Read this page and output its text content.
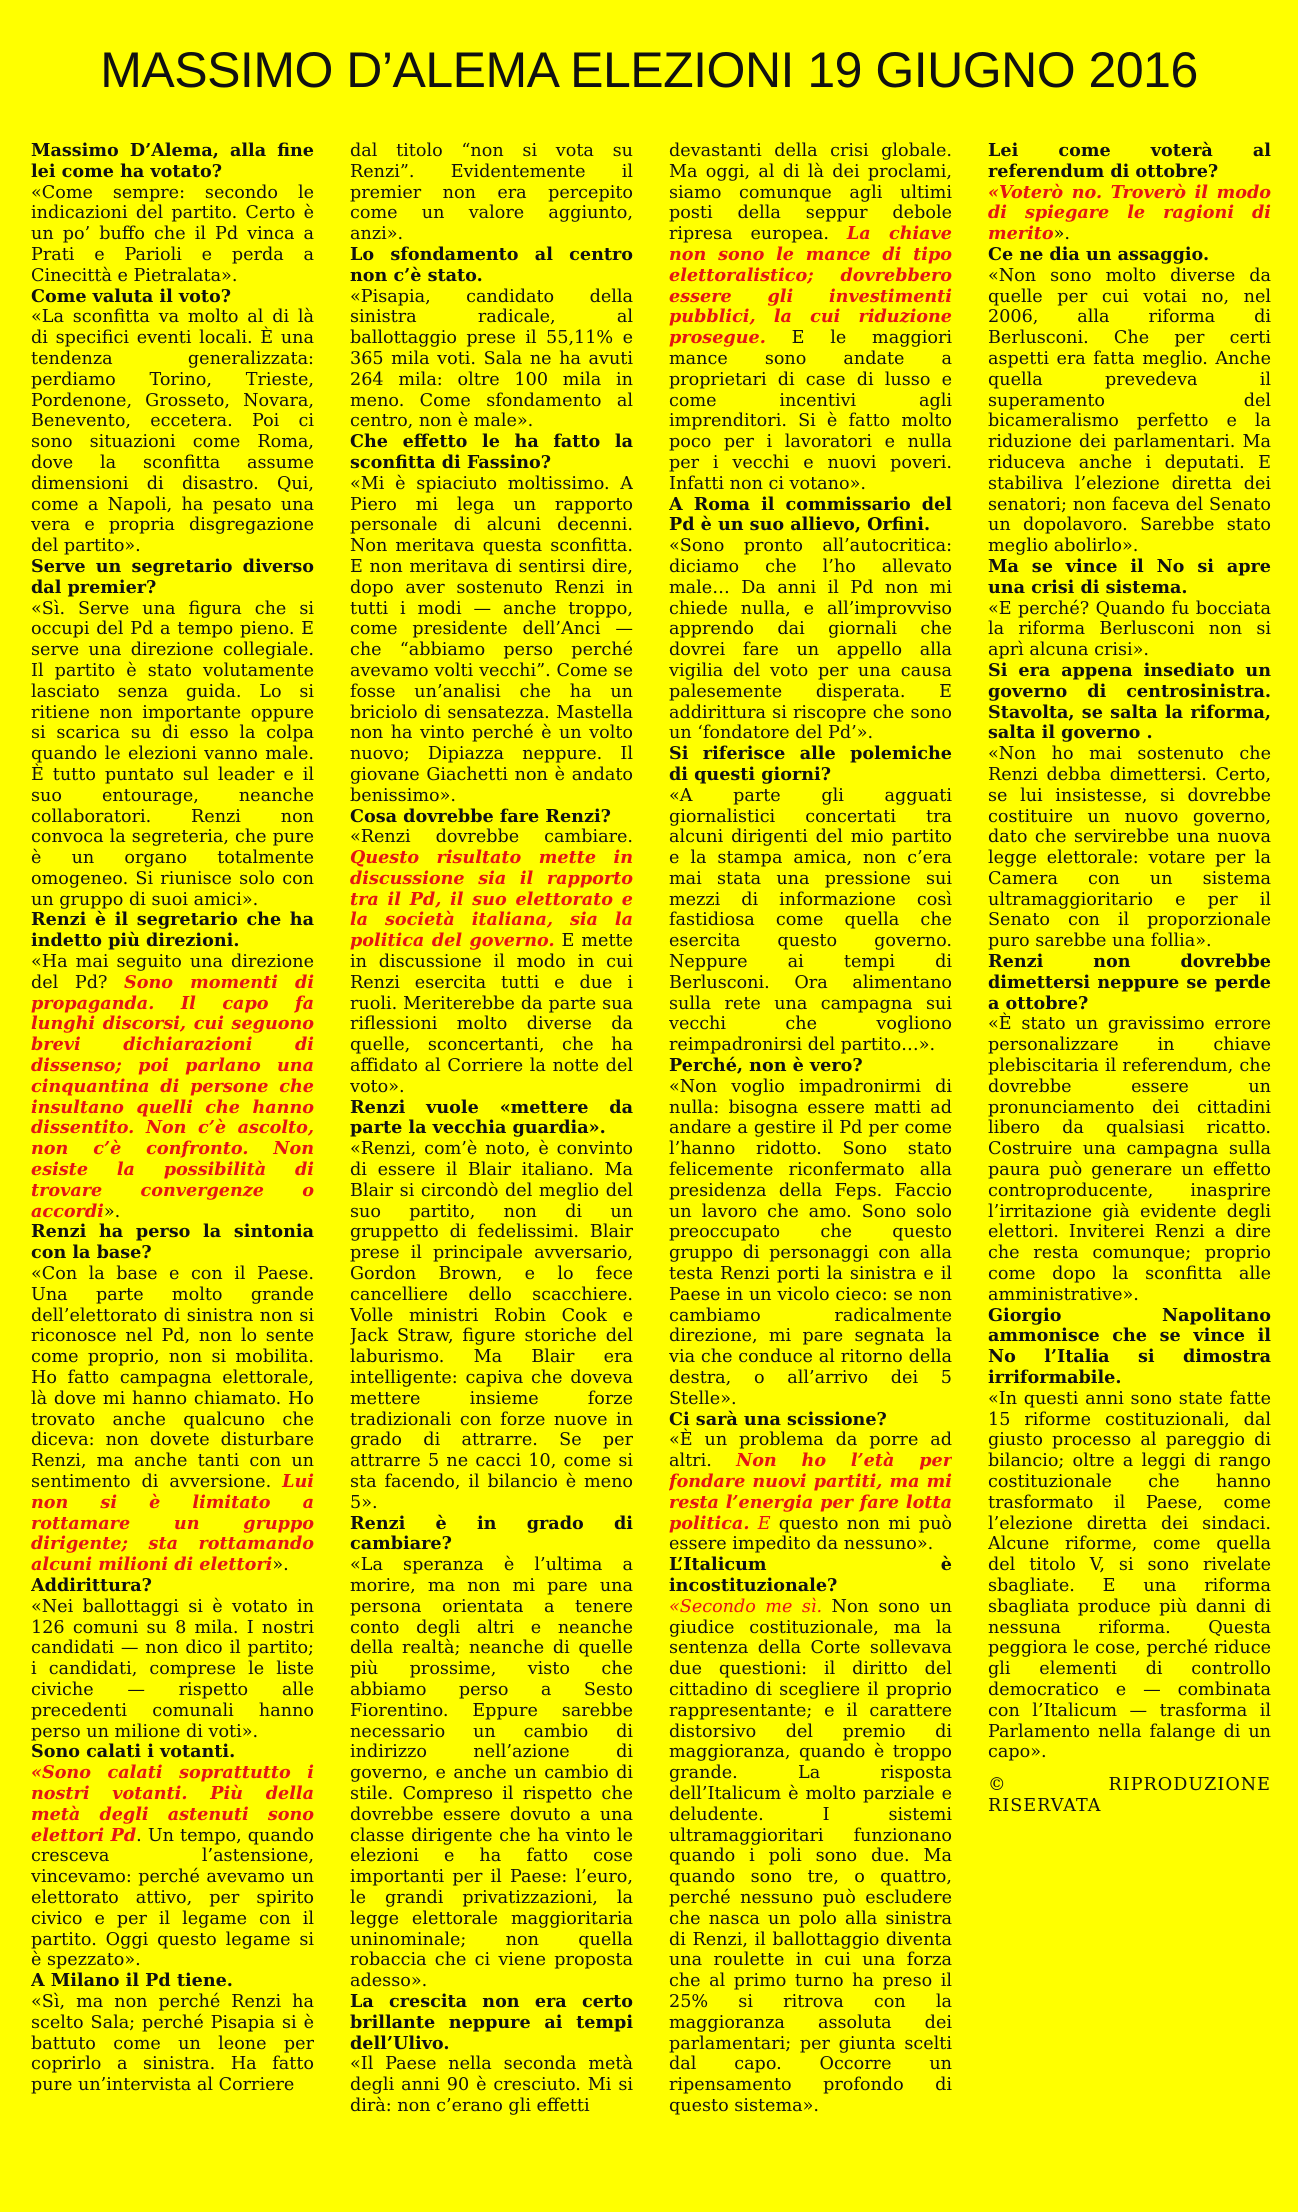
MASSIMO D’ALEMA ELEZIONI 19 GIUGNO 2016

Massimo D’Alema, alla fine lei come ha votato?

«Come sempre: secondo le indicazioni del partito. Certo è un po’ buffo che il Pd vinca a Prati e Parioli e perda a Cinecittà e Pietralata».

Come valuta il voto?

«La sconfitta va molto al di là di specifici eventi locali. È una tendenza generalizzata: perdiamo Torino, Trieste, Pordenone, Grosseto, Novara, Benevento, eccetera. Poi ci sono situazioni come Roma, dove la sconfitta assume dimensioni di disastro. Qui, come a Napoli, ha pesato una vera e propria disgregazione del partito».

Serve un segretario diverso dal premier?

«Sì. Serve una figura che si occupi del Pd a tempo pieno. E serve una direzione collegiale. Il partito è stato volutamente lasciato senza guida. Lo si ritiene non importante oppure si scarica su di esso la colpa quando le elezioni vanno male. È tutto puntato sul leader e il suo entourage, neanche collaboratori. Renzi non convoca la segreteria, che pure è un organo totalmente omogeneo. Si riunisce solo con un gruppo di suoi amici».

Renzi è il segretario che ha indetto più direzioni.

«Ha mai seguito una direzione del Pd? Sono momenti di propaganda. Il capo fa lunghi discorsi, cui seguono brevi dichiarazioni di dissenso; poi parlano una cinquantina di persone che insultano quelli che hanno dissentito. Non c’è ascolto, non c’è confronto. Non esiste la possibilità di trovare convergenze o accordi».

Renzi ha perso la sintonia con la base?

«Con la base e con il Paese. Una parte molto grande dell’elettorato di sinistra non si riconosce nel Pd, non lo sente come proprio, non si mobilita. Ho fatto campagna elettorale, là dove mi hanno chiamato. Ho trovato anche qualcuno che diceva: non dovete disturbare Renzi, ma anche tanti con un sentimento di avversione. Lui non si è limitato a rottamare un gruppo dirigente; sta rottamando alcuni milioni di elettori».

Addirittura?

«Nei ballottaggi si è votato in 126 comuni su 8 mila. I nostri candidati — non dico il partito; i candidati, comprese le liste civiche — rispetto alle precedenti comunali hanno perso un milione di voti».

Sono calati i votanti.

«Sono calati soprattutto i nostri votanti. Più della metà degli astenuti sono elettori Pd. Un tempo, quando cresceva l’astensione, vincevamo: perché avevamo un elettorato attivo, per spirito civico e per il legame con il partito. Oggi questo legame si è spezzato».

A Milano il Pd tiene.

«Sì, ma non perché Renzi ha scelto Sala; perché Pisapia si è battuto come un leone per coprirlo a sinistra. Ha fatto pure un’intervista al Corriere

dal titolo “non si vota su Renzi”. Evidentemente il premier non era percepito come un valore aggiunto, anzi».

Lo sfondamento al centro non c’è stato.

«Pisapia, candidato della sinistra radicale, al ballottaggio prese il 55,11% e 365 mila voti. Sala ne ha avuti 264 mila: oltre 100 mila in meno. Come sfondamento al centro, non è male».

Che effetto le ha fatto la sconfitta di Fassino?

«Mi è spiaciuto moltissimo. A Piero mi lega un rapporto personale di alcuni decenni. Non meritava questa sconfitta. E non meritava di sentirsi dire, dopo aver sostenuto Renzi in tutti i modi — anche troppo, come presidente dell’Anci — che “abbiamo perso perché avevamo volti vecchi”. Come se fosse un’analisi che ha un briciolo di sensatezza. Mastella non ha vinto perché è un volto nuovo; Dipiazza neppure. Il giovane Giachetti non è andato benissimo».

Cosa dovrebbe fare Renzi?

«Renzi dovrebbe cambiare. Questo risultato mette in discussione sia il rapporto tra il Pd, il suo elettorato e la società italiana, sia la politica del governo. E mette in discussione il modo in cui Renzi esercita tutti e due i ruoli. Meriterebbe da parte sua riflessioni molto diverse da quelle, sconcertanti, che ha affidato al Corriere la notte del voto».

Renzi vuole «mettere da parte la vecchia guardia».

«Renzi, com’è noto, è convinto di essere il Blair italiano. Ma Blair si circondò del meglio del suo partito, non di un gruppetto di fedelissimi. Blair prese il principale avversario, Gordon Brown, e lo fece cancelliere dello scacchiere. Volle ministri Robin Cook e Jack Straw, figure storiche del laburismo. Ma Blair era intelligente: capiva che doveva mettere insieme forze tradizionali con forze nuove in grado di attrarre. Se per attrarre 5 ne cacci 10, come si sta facendo, il bilancio è meno 5».

Renzi è in grado di cambiare?

«La speranza è l’ultima a morire, ma non mi pare una persona orientata a tenere conto degli altri e neanche della realtà; neanche di quelle più prossime, visto che abbiamo perso a Sesto Fiorentino. Eppure sarebbe necessario un cambio di indirizzo nell’azione di governo, e anche un cambio di stile. Compreso il rispetto che dovrebbe essere dovuto a una classe dirigente che ha vinto le elezioni e ha fatto cose importanti per il Paese: l’euro, le grandi privatizzazioni, la legge elettorale maggioritaria uninominale; non quella robaccia che ci viene proposta adesso».

La crescita non era certo brillante neppure ai tempi dell’Ulivo.

«Il Paese nella seconda metà degli anni 90 è cresciuto. Mi si dirà: non c’erano gli effetti

devastanti della crisi globale. Ma oggi, al di là dei proclami, siamo comunque agli ultimi posti della seppur debole ripresa europea. La chiave non sono le mance di tipo elettoralistico; dovrebbero essere gli investimenti pubblici, la cui riduzione prosegue. E le maggiori mance sono andate a proprietari di case di lusso e come incentivi agli imprenditori. Si è fatto molto poco per i lavoratori e nulla per i vecchi e nuovi poveri. Infatti non ci votano».

A Roma il commissario del Pd è un suo allievo, Orfini.

«Sono pronto all’autocritica: diciamo che l’ho allevato male… Da anni il Pd non mi chiede nulla, e all’improvviso apprendo dai giornali che dovrei fare un appello alla vigilia del voto per una causa palesemente disperata. E addirittura si riscopre che sono un ‘fondatore del Pd’».

Si riferisce alle polemiche di questi giorni?

«A parte gli agguati giornalistici concertati tra alcuni dirigenti del mio partito e la stampa amica, non c’era mai stata una pressione sui mezzi di informazione così fastidiosa come quella che esercita questo governo. Neppure ai tempi di Berlusconi. Ora alimentano sulla rete una campagna sui vecchi che vogliono reimpadronirsi del partito…».

Perché, non è vero?

«Non voglio impadronirmi di nulla: bisogna essere matti ad andare a gestire il Pd per come l’hanno ridotto. Sono stato felicemente riconfermato alla presidenza della Feps. Faccio un lavoro che amo. Sono solo preoccupato che questo gruppo di personaggi con alla testa Renzi porti la sinistra e il Paese in un vicolo cieco: se non cambiamo radicalmente direzione, mi pare segnata la via che conduce al ritorno della destra, o all’arrivo dei 5 Stelle».

Ci sarà una scissione?

«È un problema da porre ad altri. Non ho l’età per fondare nuovi partiti, ma mi resta l’energia per fare lotta politica. E questo non mi può essere impedito da nessuno».

L’Italicum è incostituzionale?

«Secondo me sì. Non sono un giudice costituzionale, ma la sentenza della Corte sollevava due questioni: il diritto del cittadino di scegliere il proprio rappresentante; e il carattere distorsivo del premio di maggioranza, quando è troppo grande. La risposta dell’Italicum è molto parziale e deludente. I sistemi ultramaggioritari funzionano quando i poli sono due. Ma quando sono tre, o quattro, perché nessuno può escludere che nasca un polo alla sinistra di Renzi, il ballottaggio diventa una roulette in cui una forza che al primo turno ha preso il 25% si ritrova con la maggioranza assoluta dei parlamentari; per giunta scelti dal capo. Occorre un ripensamento profondo di questo sistema».

Lei come voterà al referendum di ottobre?

«Voterò no. Troverò il modo di spiegare le ragioni di merito».

Ce ne dia un assaggio.

«Non sono molto diverse da quelle per cui votai no, nel 2006, alla riforma di Berlusconi. Che per certi aspetti era fatta meglio. Anche quella prevedeva il superamento del bicameralismo perfetto e la riduzione dei parlamentari. Ma riduceva anche i deputati. E stabiliva l’elezione diretta dei senatori; non faceva del Senato un dopolavoro. Sarebbe stato meglio abolirlo».

Ma se vince il No si apre una crisi di sistema.

«E perché? Quando fu bocciata la riforma Berlusconi non si aprì alcuna crisi».

Si era appena insediato un governo di centrosinistra. Stavolta, se salta la riforma, salta il governo .

«Non ho mai sostenuto che Renzi debba dimettersi. Certo, se lui insistesse, si dovrebbe costituire un nuovo governo, dato che servirebbe una nuova legge elettorale: votare per la Camera con un sistema ultramaggioritario e per il Senato con il proporzionale puro sarebbe una follia».

Renzi non dovrebbe dimettersi neppure se perde a ottobre?

«È stato un gravissimo errore personalizzare in chiave plebiscitaria il referendum, che dovrebbe essere un pronunciamento dei cittadini libero da qualsiasi ricatto. Costruire una campagna sulla paura può generare un effetto controproducente, inasprire l’irritazione già evidente degli elettori. Inviterei Renzi a dire che resta comunque; proprio come dopo la sconfitta alle amministrative».

Giorgio Napolitano ammonisce che se vince il No l’Italia si dimostra irriformabile.

«In questi anni sono state fatte 15 riforme costituzionali, dal giusto processo al pareggio di bilancio; oltre a leggi di rango costituzionale che hanno trasformato il Paese, come l’elezione diretta dei sindaci. Alcune riforme, come quella del titolo V, si sono rivelate sbagliate. E una riforma sbagliata produce più danni di nessuna riforma. Questa peggiora le cose, perché riduce gli elementi di controllo democratico e — combinata con l’Italicum — trasforma il Parlamento nella falange di un capo».

© RIPRODUZIONE RISERVATA
